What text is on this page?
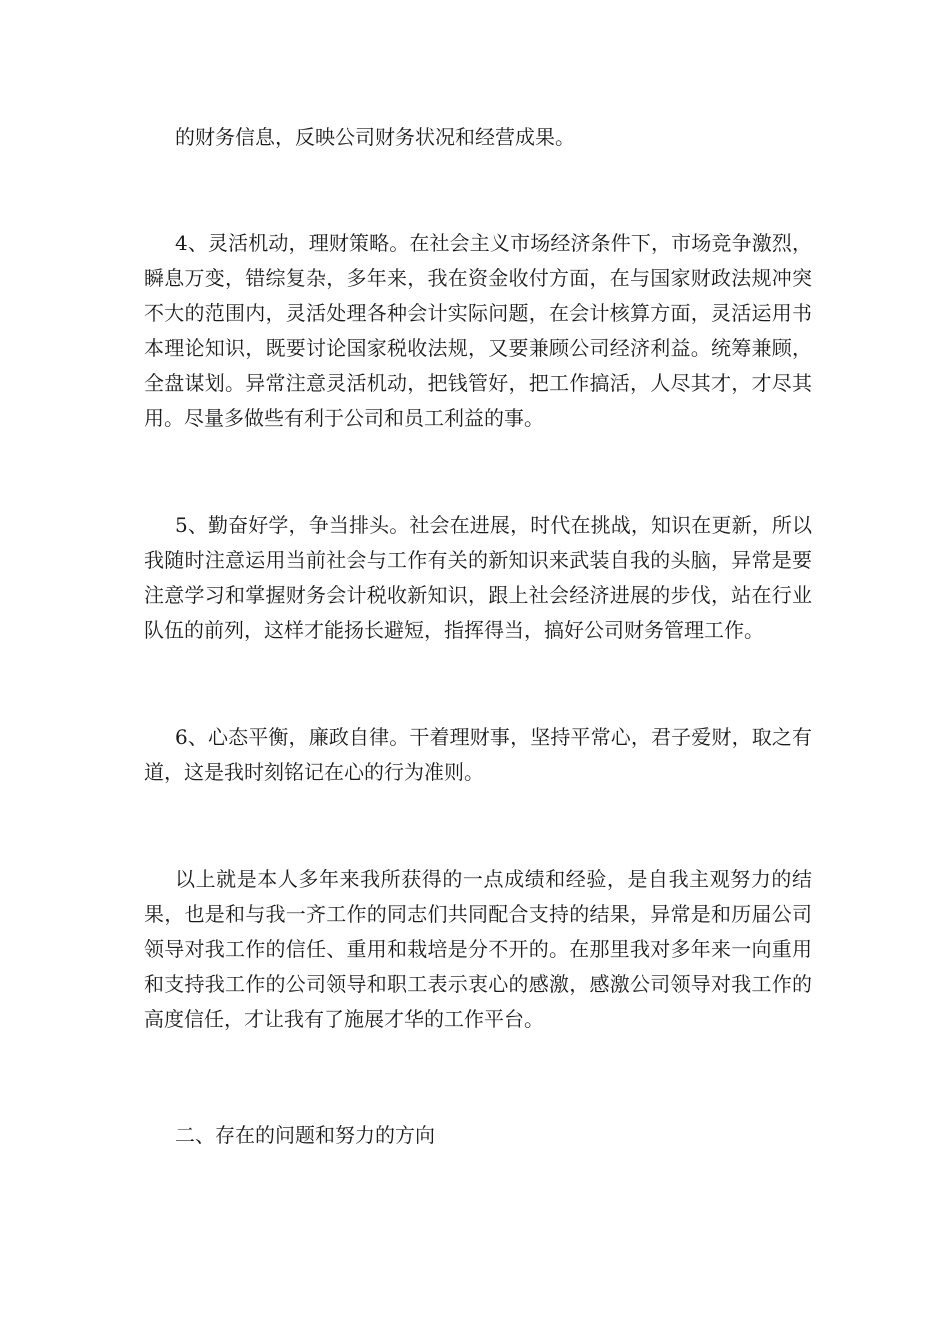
的财务信息，反映公司财务状况和经营成果。

4、灵活机动，理财策略。在社会主义市场经济条件下，市场竞争激烈，瞬息万变，错综复杂，多年来，我在资金收付方面，在与国家财政法规冲突不大的范围内，灵活处理各种会计实际问题，在会计核算方面，灵活运用书本理论知识，既要讨论国家税收法规，又要兼顾公司经济利益。统筹兼顾，全盘谋划。异常注意灵活机动，把钱管好，把工作搞活，人尽其才，才尽其用。尽量多做些有利于公司和员工利益的事。

5、勤奋好学，争当排头。社会在进展，时代在挑战，知识在更新，所以我随时注意运用当前社会与工作有关的新知识来武装自我的头脑，异常是要注意学习和掌握财务会计税收新知识，跟上社会经济进展的步伐，站在行业队伍的前列，这样才能扬长避短，指挥得当，搞好公司财务管理工作。

6、心态平衡，廉政自律。干着理财事，坚持平常心，君子爱财，取之有道，这是我时刻铭记在心的行为准则。

以上就是本人多年来我所获得的一点成绩和经验，是自我主观努力的结果，也是和与我一齐工作的同志们共同配合支持的结果，异常是和历届公司领导对我工作的信任、重用和栽培是分不开的。在那里我对多年来一向重用和支持我工作的公司领导和职工表示衷心的感激，感激公司领导对我工作的高度信任，才让我有了施展才华的工作平台。

二、存在的问题和努力的方向
